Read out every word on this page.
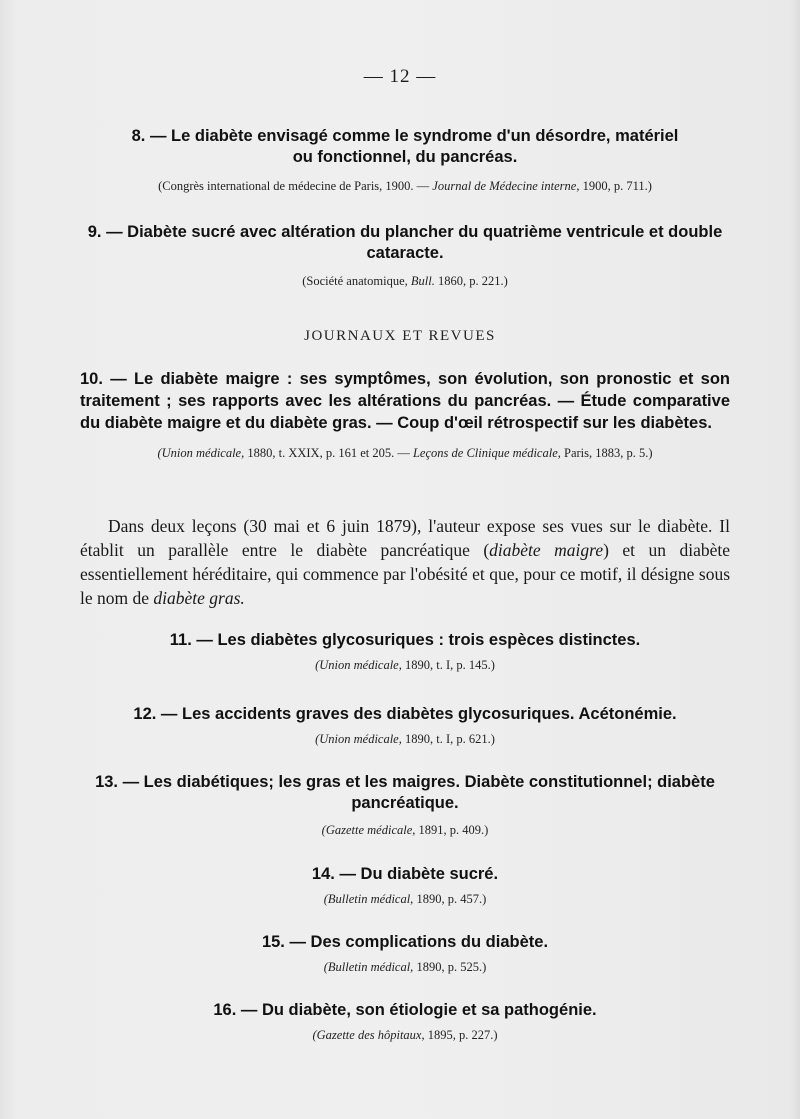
— 12 —
8. — Le diabète envisagé comme le syndrome d'un désordre, matériel ou fonctionnel, du pancréas.
(Congrès international de médecine de Paris, 1900. — Journal de Médecine interne, 1900, p. 711.)
9. — Diabète sucré avec altération du plancher du quatrième ventricule et double cataracte.
(Société anatomique, Bull. 1860, p. 221.)
JOURNAUX ET REVUES
10. — Le diabète maigre : ses symptômes, son évolution, son pronostic et son traitement ; ses rapports avec les altérations du pancréas. — Étude comparative du diabète maigre et du diabète gras. — Coup d'œil rétrospectif sur les diabètes.
(Union médicale, 1880, t. XXIX, p. 161 et 205. — Leçons de Clinique médicale, Paris, 1883, p. 5.)
Dans deux leçons (30 mai et 6 juin 1879), l'auteur expose ses vues sur le diabète. Il établit un parallèle entre le diabète pancréatique (diabète maigre) et un diabète essentiellement héréditaire, qui commence par l'obésité et que, pour ce motif, il désigne sous le nom de diabète gras.
11. — Les diabètes glycosuriques : trois espèces distinctes.
(Union médicale, 1890, t. I, p. 145.)
12. — Les accidents graves des diabètes glycosuriques. Acétonémie.
(Union médicale, 1890, t. I, p. 621.)
13. — Les diabétiques; les gras et les maigres. Diabète constitutionnel; diabète pancréatique.
(Gazette médicale, 1891, p. 409.)
14. — Du diabète sucré.
(Bulletin médical, 1890, p. 457.)
15. — Des complications du diabète.
(Bulletin médical, 1890, p. 525.)
16. — Du diabète, son étiologie et sa pathogénie.
(Gazette des hôpitaux, 1895, p. 227.)
